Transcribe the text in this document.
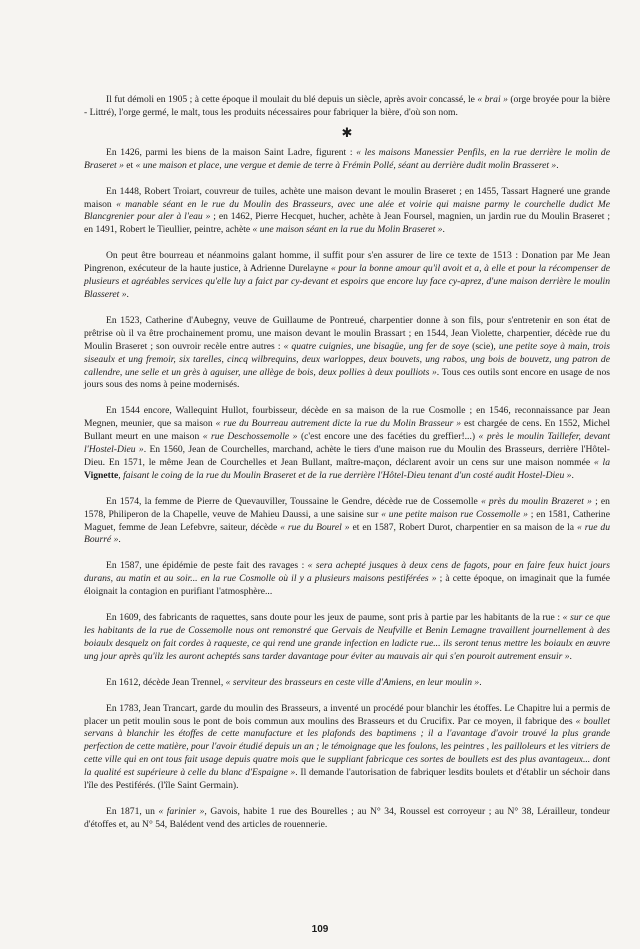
Il fut démoli en 1905 ; à cette époque il moulait du blé depuis un siècle, après avoir concassé, le « brai » (orge broyée pour la bière - Littré), l'orge germé, le malt, tous les produits nécessaires pour fabriquer la bière, d'où son nom.

✱

En 1426, parmi les biens de la maison Saint Ladre, figurent : « les maisons Manessier Penfils, en la rue derrière le molin de Braseret » et « une maison et place, une vergue et demie de terre à Frémin Pollé, séant au derrière dudit molin Brasseret ».

En 1448, Robert Troiart, couvreur de tuiles, achète une maison devant le moulin Braseret ; en 1455, Tassart Hagneré une grande maison « manable séant en le rue du Moulin des Brasseurs, avec une alée et voirie qui maisne parmy le courchelle dudict Me Blancgrenier pour aler à l'eau » ; en 1462, Pierre Hecquet, hucher, achète à Jean Foursel, magnien, un jardin rue du Moulin Braseret ; en 1491, Robert le Tieullier, peintre, achète « une maison séant en la rue du Molin Braseret ».

On peut être bourreau et néanmoins galant homme, il suffit pour s'en assurer de lire ce texte de 1513 : Donation par Me Jean Pingrenon, exécuteur de la haute justice, à Adrienne Durelayne « pour la bonne amour qu'il avoit et a, à elle et pour la récompenser de plusieurs et agréables services qu'elle luy a faict par cy-devant et espoirs que encore luy face cy-aprez, d'une maison derrière le moulin Blasseret ».

En 1523, Catherine d'Aubegny, veuve de Guillaume de Pontreué, charpentier donne à son fils, pour s'entretenir en son état de prêtrise où il va être prochainement promu, une maison devant le moulin Brassart ; en 1544, Jean Violette, charpentier, décède rue du Moulin Braseret ; son ouvroir recèle entre autres : « quatre cuignies, une bisagüe, ung fer de soye (scie), une petite soye à main, trois siseaulx et ung fremoir, six tarelles, cincq wilbrequins, deux warloppes, deux bouvets, ung rabos, ung bois de bouvetz, ung patron de callendre, une selle et un grès à aguiser, une allège de bois, deux pollies à deux poulliots ». Tous ces outils sont encore en usage de nos jours sous des noms à peine modernisés.

En 1544 encore, Wallequint Hullot, fourbisseur, décède en sa maison de la rue Cosmolle ; en 1546, reconnaissance par Jean Megnen, meunier, que sa maison « rue du Bourreau autrement dicte la rue du Molin Brasseur » est chargée de cens. En 1552, Michel Bullant meurt en une maison « rue Deschossemolle » (c'est encore une des facéties du greffier!...) « près le moulin Taillefer, devant l'Hostel-Dieu ». En 1560, Jean de Courchelles, marchand, achète le tiers d'une maison rue du Moulin des Brasseurs, derrière l'Hôtel-Dieu. En 1571, le même Jean de Courchelles et Jean Bullant, maître-maçon, déclarent avoir un cens sur une maison nommée « la Vignette, faisant le coing de la rue du Moulin Braseret et de la rue derrière l'Hôtel-Dieu tenant d'un costé audit Hostel-Dieu ».

En 1574, la femme de Pierre de Quevauviller, Toussaine le Gendre, décède rue de Cossemolle « près du moulin Brazeret » ; en 1578, Philiperon de la Chapelle, veuve de Mahieu Daussi, a une saisine sur « une petite maison rue Cossemolle » ; en 1581, Catherine Maguet, femme de Jean Lefebvre, saiteur, décède « rue du Bourel » et en 1587, Robert Durot, charpentier en sa maison de la « rue du Bourré ».

En 1587, une épidémie de peste fait des ravages : « sera achepté jusques à deux cens de fagots, pour en faire feux huict jours durans, au matin et au soir... en la rue Cosmolle où il y a plusieurs maisons pestiférées » ; à cette époque, on imaginait que la fumée éloignait la contagion en purifiant l'atmosphère...

En 1609, des fabricants de raquettes, sans doute pour les jeux de paume, sont pris à partie par les habitants de la rue : « sur ce que les habitants de la rue de Cossemolle nous ont remonstré que Gervais de Neufville et Benin Lemagne travaillent journellement à des boiaulx desquelz on fait cordes à raqueste, ce qui rend une grande infection en ladicte rue... ils seront tenus mettre les boiaulx en œuvre ung jour après qu'ilz les auront acheptés sans tarder davantage pour éviter au mauvais air qui s'en pouroit autrement ensuir ».

En 1612, décède Jean Trennel, « serviteur des brasseurs en ceste ville d'Amiens, en leur moulin ».

En 1783, Jean Trancart, garde du moulin des Brasseurs, a inventé un procédé pour blanchir les étoffes. Le Chapitre lui a permis de placer un petit moulin sous le pont de bois commun aux moulins des Brasseurs et du Crucifix. Par ce moyen, il fabrique des « boullet servans à blanchir les étoffes de cette manufacture et les plafonds des baptimens ; il a l'avantage d'avoir trouvé la plus grande perfection de cette matière, pour l'avoir étudié depuis un an ; le témoignage que les foulons, les peintres , les pailloleurs et les vitriers de cette ville qui en ont tous fait usage depuis quatre mois que le suppliant fabricque ces sortes de boullets est des plus avantageux... dont la qualité est supérieure à celle du blanc d'Espaigne ». Il demande l'autorisation de fabriquer lesdits boulets et d'établir un séchoir dans l'île des Pestiférés. (l'île Saint Germain).

En 1871, un « farinier », Gavois, habite 1 rue des Bourelles ; au N° 34, Roussel est corroyeur ; au N° 38, Lérailleur, tondeur d'étoffes et, au N° 54, Balédent vend des articles de rouennerie.

109
